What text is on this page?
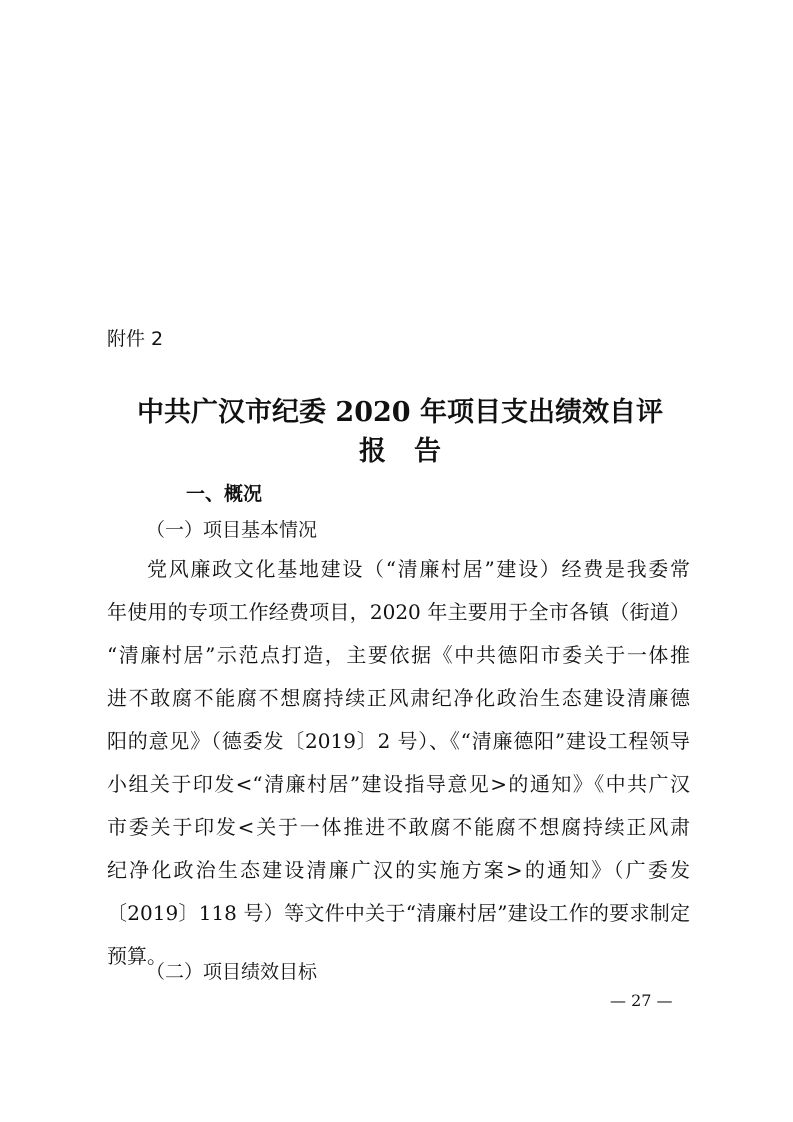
附件 2
中共广汉市纪委 2020 年项目支出绩效自评
报告
一、概况
（一）项目基本情况
党风廉政文化基地建设（“清廉村居”建设）经费是我委常
年使用的专项工作经费项目，2020 年主要用于全市各镇（街道）
“清廉村居”示范点打造，主要依据《中共德阳市委关于一体推
进不敢腐不能腐不想腐持续正风肃纪净化政治生态建设清廉德
阳的意见》（德委发〔2019〕2 号）、《“清廉德阳”建设工程领导
小组关于印发<“清廉村居”建设指导意见>的通知》《中共广汉
市委关于印发<关于一体推进不敢腐不能腐不想腐持续正风肃
纪净化政治生态建设清廉广汉的实施方案>的通知》（广委发
〔2019〕118 号）等文件中关于“清廉村居”建设工作的要求制定
预算。
（二）项目绩效目标
— 27 —
